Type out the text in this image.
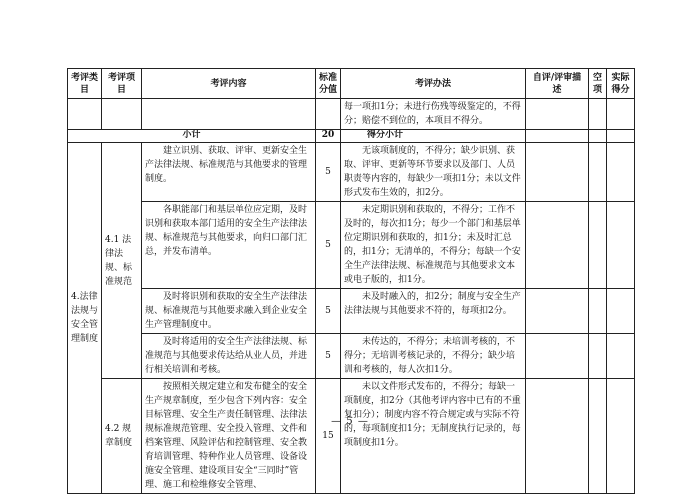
考评类目	考评项目	考评内容	标准分值	考评办法	自评/评审描述	空项	实际得分
				每一项扣1分；未进行伤残等级鉴定的，不得分；赔偿不到位的，本项目不得分。			
小计			20	得分小计			
4.法律法规与安全管理制度	4.1 法律法规、标准规范	建立识别、获取、评审、更新安全生产法律法规、标准规范与其他要求的管理制度。	5	无该项制度的，不得分；缺少识别、获取、评审、更新等环节要求以及部门、人员职责等内容的，每缺少一项扣1分；未以文件形式发布生效的，扣2分。			
		各职能部门和基层单位应定期，及时识别和获取本部门适用的安全生产法律法规、标准规范与其他要求，向归口部门汇总，并发布清单。	5	未定期识别和获取的，不得分；工作不及时的，每次扣1分；每少一个部门和基层单位定期识别和获取的，扣1分；未及时汇总的，扣1分；无清单的，不得分；每缺一个安全生产法律法规、标准规范与其他要求文本或电子版的，扣1分。			
		及时将识别和获取的安全生产法律法规、标准规范与其他要求融入到企业安全生产管理制度中。	5	未及时融入的，扣2分；制度与安全生产法律法规与其他要求不符的，每项扣2分。			
		及时将适用的安全生产法律法规、标准规范与其他要求传达给从业人员，并进行相关培训和考核。	5	未传达的，不得分；未培训考核的，不得分；无培训考核记录的，不得分；缺少培训和考核的，每人次扣1分。			
	4.2 规章制度	按照相关规定建立和发布健全的安全生产规章制度，至少包含下列内容：安全目标管理、安全生产责任制管理、法律法规标准规范管理、安全投入管理、文件和档案管理、风险评估和控制管理、安全教育培训管理、特种作业人员管理、设备设施安全管理、建设项目安全“三同时”管理、施工和检维修安全管理、	15	未以文件形式发布的，不得分；每缺一项制度，扣2分（其他考评内容中已有的不重复扣分）；制度内容不符合规定或与实际不符的，每项制度扣1分；无制度执行记录的，每项制度扣1分。			
— 5 —
